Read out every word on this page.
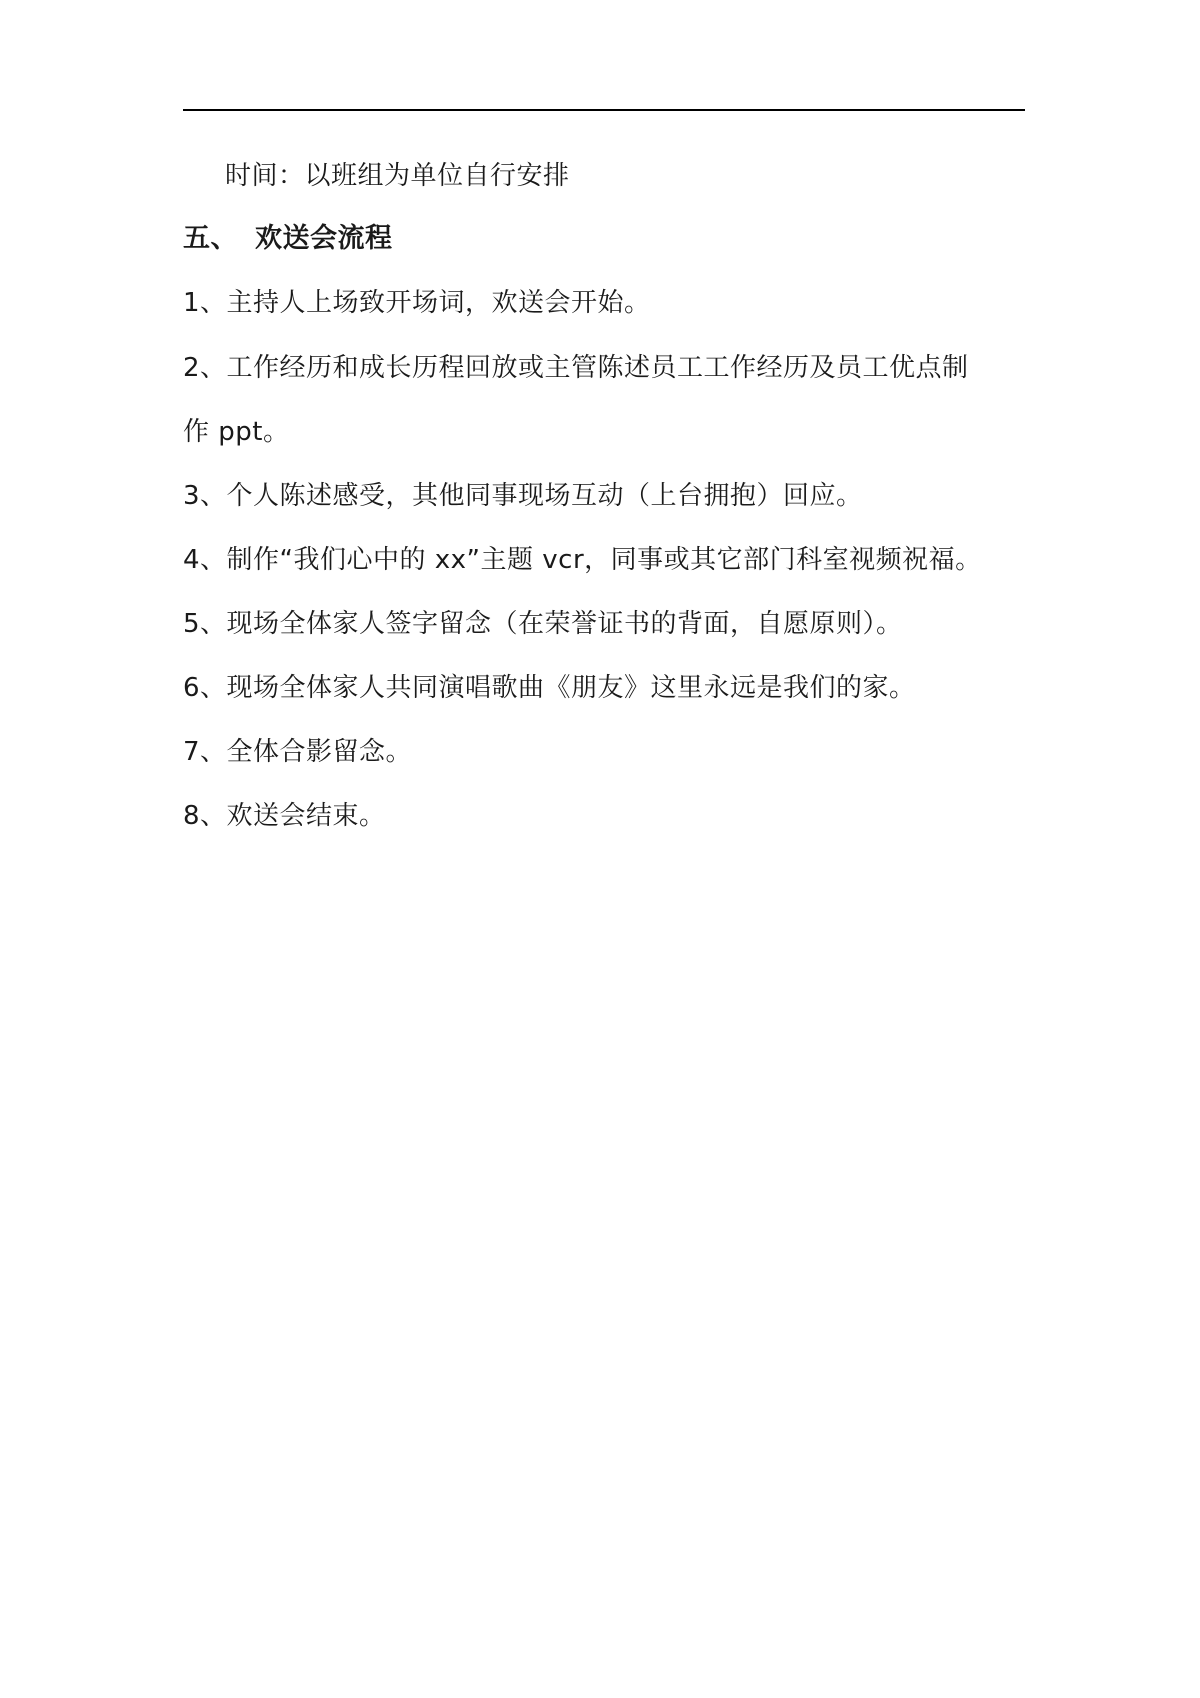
时间：以班组为单位自行安排
五、 欢送会流程
1、主持人上场致开场词，欢送会开始。
2、工作经历和成长历程回放或主管陈述员工工作经历及员工优点制
作 ppt。
3、个人陈述感受，其他同事现场互动（上台拥抱）回应。
4、制作“我们心中的 xx”主题 vcr，同事或其它部门科室视频祝福。
5、现场全体家人签字留念（在荣誉证书的背面，自愿原则）。
6、现场全体家人共同演唱歌曲《朋友》这里永远是我们的家。
7、全体合影留念。
8、欢送会结束。
